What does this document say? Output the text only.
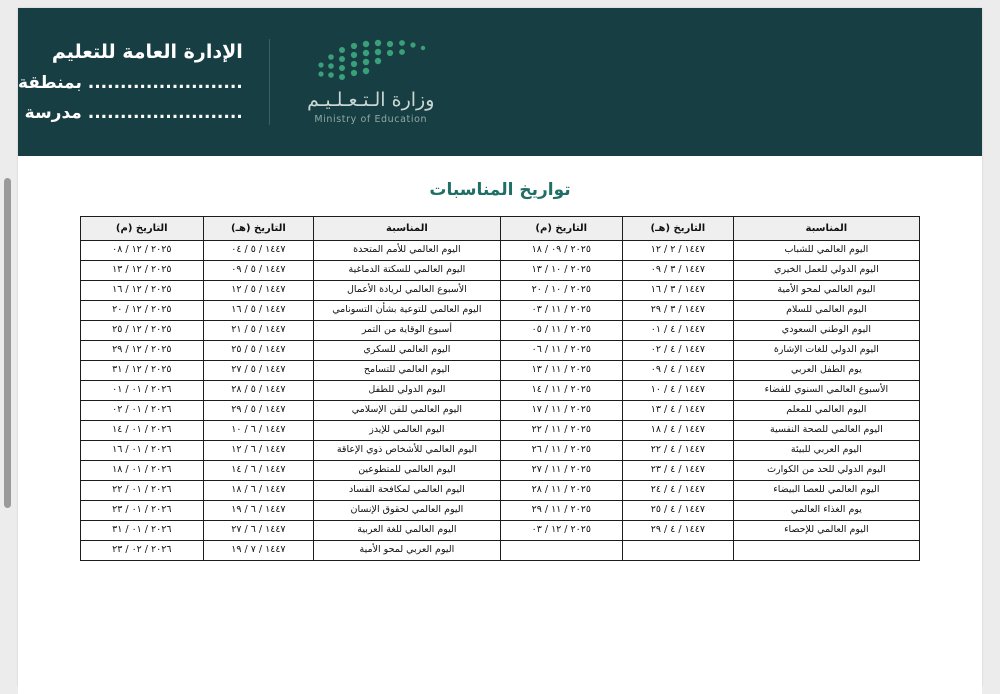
الإدارة العامة للتعليم
........................ بمنطقة
........................ مدرسة
وزارة الـتـعـلـيـم
Ministry of Education
تواريخ المناسبات
المناسبة	التاريخ (هـ)	التاريخ (م)	المناسبة	التاريخ (هـ)	التاريخ (م)
اليوم العالمي للشباب	١٤٤٧ / ٢ / ١٢	٢٠٢٥ / ٠٩ / ١٨	اليوم العالمي للأمم المتحدة	١٤٤٧ / ٥ / ٠٤	٢٠٢٥ / ١٢ / ٠٨
اليوم الدولي للعمل الخيري	١٤٤٧ / ٣ / ٠٩	٢٠٢٥ / ١٠ / ١٣	اليوم العالمي للسكتة الدماغية	١٤٤٧ / ٥ / ٠٩	٢٠٢٥ / ١٢ / ١٣
اليوم العالمي لمحو الأمية	١٤٤٧ / ٣ / ١٦	٢٠٢٥ / ١٠ / ٢٠	الأسبوع العالمي لريادة الأعمال	١٤٤٧ / ٥ / ١٢	٢٠٢٥ / ١٢ / ١٦
اليوم العالمي للسلام	١٤٤٧ / ٣ / ٢٩	٢٠٢٥ / ١١ / ٠٣	اليوم العالمي للتوعية بشأن التسونامي	١٤٤٧ / ٥ / ١٦	٢٠٢٥ / ١٢ / ٢٠
اليوم الوطني السعودي	١٤٤٧ / ٤ / ٠١	٢٠٢٥ / ١١ / ٠٥	أسبوع الوقاية من التمر	١٤٤٧ / ٥ / ٢١	٢٠٢٥ / ١٢ / ٢٥
اليوم الدولي للغات الإشارة	١٤٤٧ / ٤ / ٠٢	٢٠٢٥ / ١١ / ٠٦	اليوم العالمي للسكري	١٤٤٧ / ٥ / ٢٥	٢٠٢٥ / ١٢ / ٢٩
يوم الطفل العربي	١٤٤٧ / ٤ / ٠٩	٢٠٢٥ / ١١ / ١٣	اليوم العالمي للتسامح	١٤٤٧ / ٥ / ٢٧	٢٠٢٥ / ١٢ / ٣١
الأسبوع العالمي السنوي للفضاء	١٤٤٧ / ٤ / ١٠	٢٠٢٥ / ١١ / ١٤	اليوم الدولي للطفل	١٤٤٧ / ٥ / ٢٨	٢٠٢٦ / ٠١ / ٠١
اليوم العالمي للمعلم	١٤٤٧ / ٤ / ١٣	٢٠٢٥ / ١١ / ١٧	اليوم العالمي للفن الإسلامي	١٤٤٧ / ٥ / ٢٩	٢٠٢٦ / ٠١ / ٠٢
اليوم العالمي للصحة النفسية	١٤٤٧ / ٤ / ١٨	٢٠٢٥ / ١١ / ٢٢	اليوم العالمي للإيدز	١٤٤٧ / ٦ / ١٠	٢٠٢٦ / ٠١ / ١٤
اليوم العربي للبيئة	١٤٤٧ / ٤ / ٢٢	٢٠٢٥ / ١١ / ٢٦	اليوم العالمي للأشخاص ذوي الإعاقة	١٤٤٧ / ٦ / ١٢	٢٠٢٦ / ٠١ / ١٦
اليوم الدولي للحد من الكوارث	١٤٤٧ / ٤ / ٢٣	٢٠٢٥ / ١١ / ٢٧	اليوم العالمي للمتطوعين	١٤٤٧ / ٦ / ١٤	٢٠٢٦ / ٠١ / ١٨
اليوم العالمي للعصا البيضاء	١٤٤٧ / ٤ / ٢٤	٢٠٢٥ / ١١ / ٢٨	اليوم العالمي لمكافحة الفساد	١٤٤٧ / ٦ / ١٨	٢٠٢٦ / ٠١ / ٢٢
يوم الغذاء العالمي	١٤٤٧ / ٤ / ٢٥	٢٠٢٥ / ١١ / ٢٩	اليوم العالمي لحقوق الإنسان	١٤٤٧ / ٦ / ١٩	٢٠٢٦ / ٠١ / ٢٣
اليوم العالمي للإحصاء	١٤٤٧ / ٤ / ٢٩	٢٠٢٥ / ١٢ / ٠٣	اليوم العالمي للغة العربية	١٤٤٧ / ٦ / ٢٧	٢٠٢٦ / ٠١ / ٣١
			اليوم العربي لمحو الأمية	١٤٤٧ / ٧ / ١٩	٢٠٢٦ / ٠٢ / ٢٣
